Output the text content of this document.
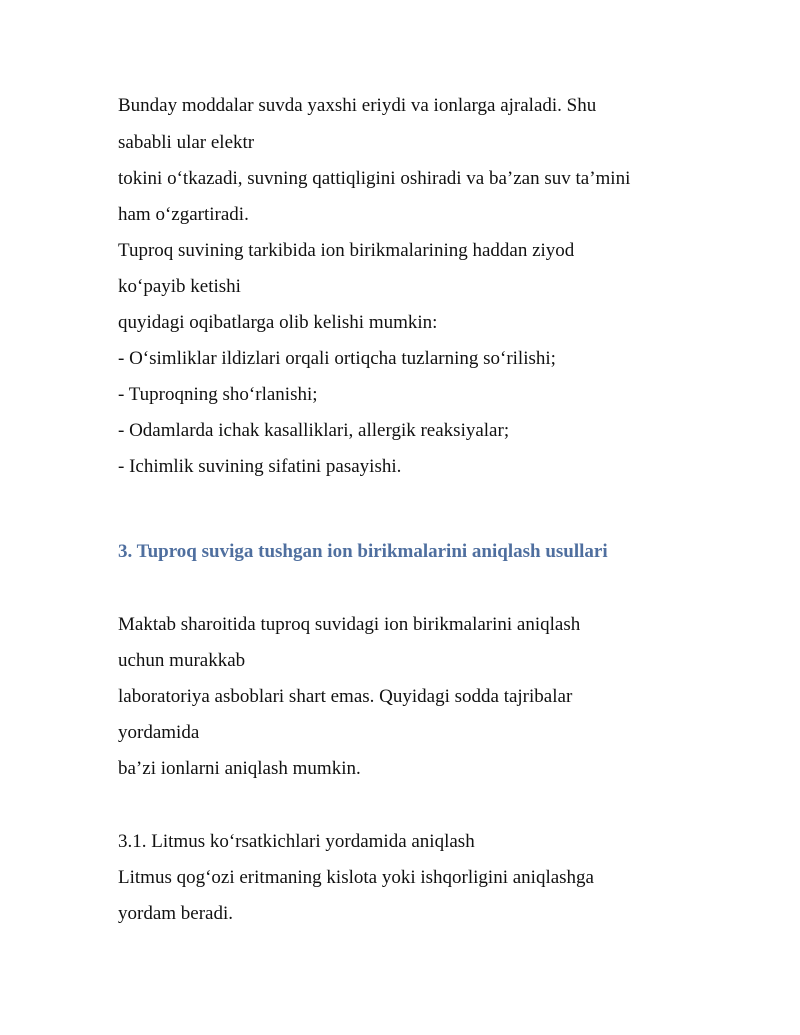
Bunday moddalar suvda yaxshi eriydi va ionlarga ajraladi. Shu
sababli ular elektr
tokini o‘tkazadi, suvning qattiqligini oshiradi va ba’zan suv ta’mini
ham o‘zgartiradi.
Tuproq suvining tarkibida ion birikmalarining haddan ziyod
ko‘payib ketishi
quyidagi oqibatlarga olib kelishi mumkin:
- O‘simliklar ildizlari orqali ortiqcha tuzlarning so‘rilishi;
- Tuproqning sho‘rlanishi;
- Odamlarda ichak kasalliklari, allergik reaksiyalar;
- Ichimlik suvining sifatini pasayishi.
3. Tuproq suviga tushgan ion birikmalarini aniqlash usullari
Maktab sharoitida tuproq suvidagi ion birikmalarini aniqlash
uchun murakkab
laboratoriya asboblari shart emas. Quyidagi sodda tajribalar
yordamida
ba’zi ionlarni aniqlash mumkin.
3.1. Litmus ko‘rsatkichlari yordamida aniqlash
Litmus qog‘ozi eritmaning kislota yoki ishqorligini aniqlashga
yordam beradi.
